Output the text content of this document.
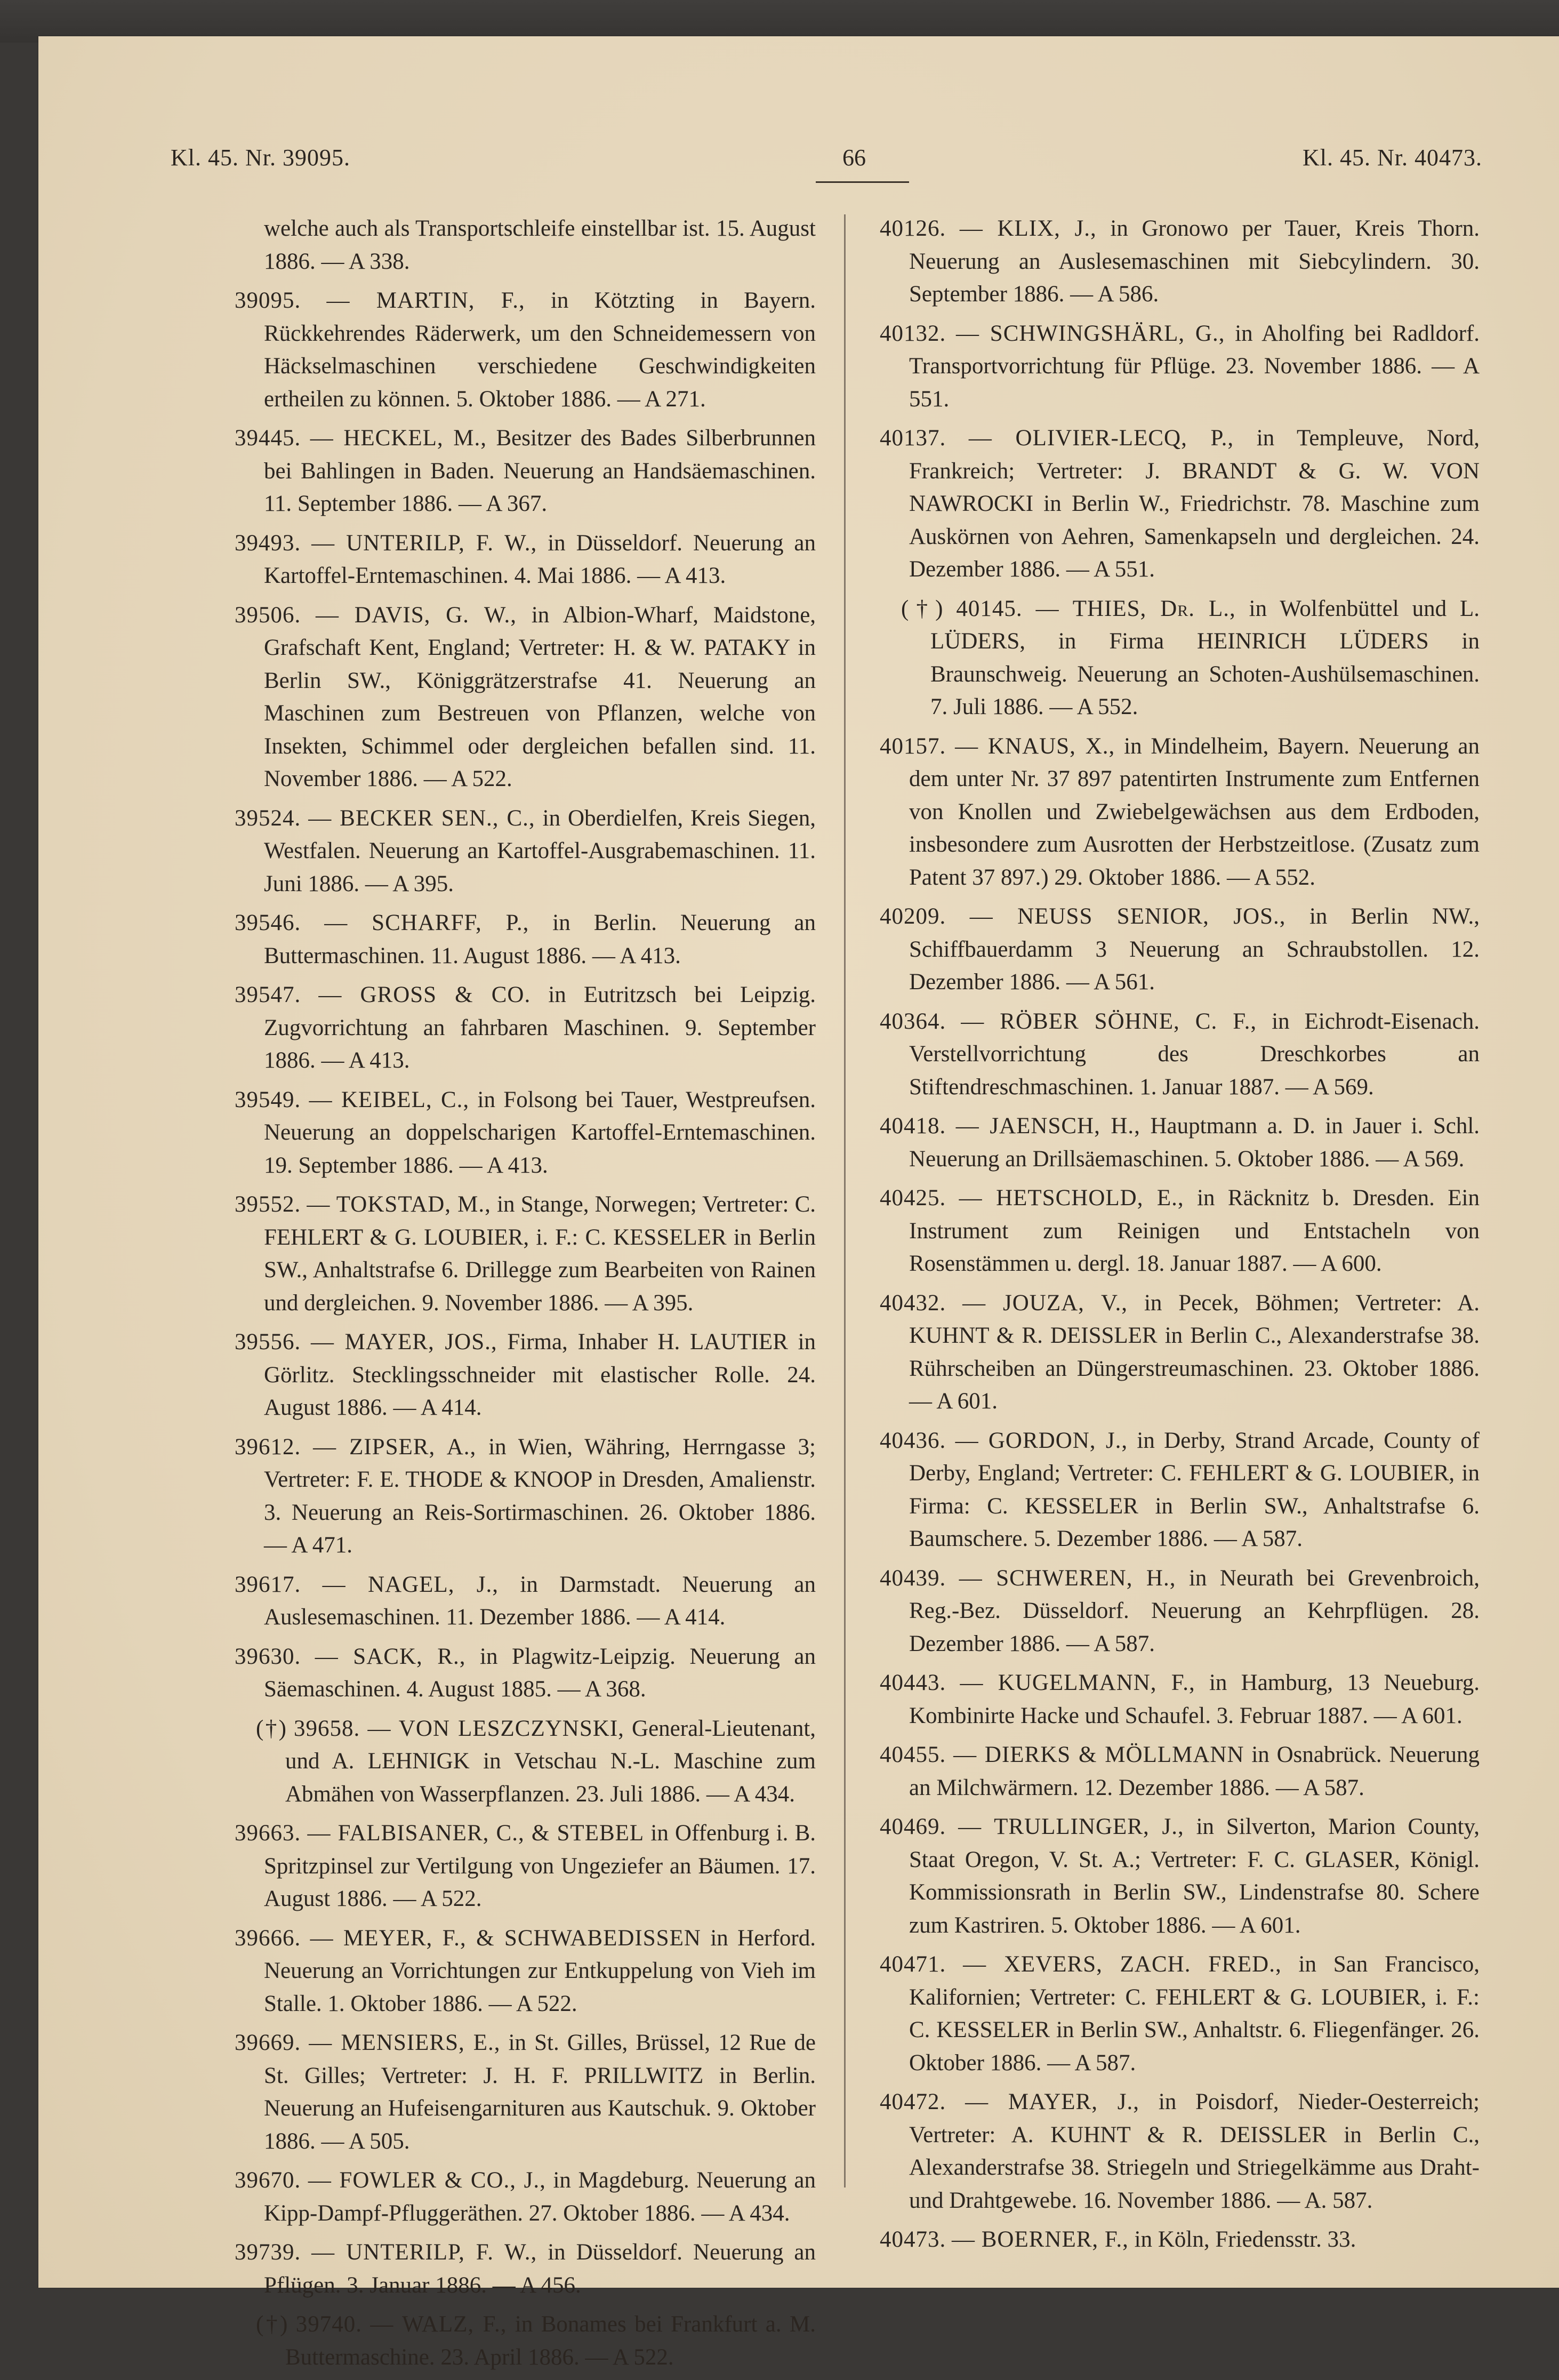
Kl. 45. Nr. 39095.	66	Kl. 45. Nr. 40473.

welche auch als Transportschleife einstellbar ist. 15. August 1886. — A 338.

39095. — MARTIN, F., in Kötzting in Bayern. Rückkehrendes Räderwerk, um den Schneidemessern von Häckselmaschinen verschiedene Geschwindigkeiten ertheilen zu können. 5. Oktober 1886. — A 271.

39445. — HECKEL, M., Besitzer des Bades Silberbrunnen bei Bahlingen in Baden. Neuerung an Handsäemaschinen. 11. September 1886. — A 367.

39493. — UNTERILP, F. W., in Düsseldorf. Neuerung an Kartoffel-Erntemaschinen. 4. Mai 1886. — A 413.

39506. — DAVIS, G. W., in Albion-Wharf, Maidstone, Grafschaft Kent, England; Vertreter: H. & W. PATAKY in Berlin SW., Königgrätzerstrafse 41. Neuerung an Maschinen zum Bestreuen von Pflanzen, welche von Insekten, Schimmel oder dergleichen befallen sind. 11. November 1886. — A 522.

39524. — BECKER SEN., C., in Oberdielfen, Kreis Siegen, Westfalen. Neuerung an Kartoffel-Ausgrabemaschinen. 11. Juni 1886. — A 395.

39546. — SCHARFF, P., in Berlin. Neuerung an Buttermaschinen. 11. August 1886. — A 413.

39547. — GROSS & CO. in Eutritzsch bei Leipzig. Zugvorrichtung an fahrbaren Maschinen. 9. September 1886. — A 413.

39549. — KEIBEL, C., in Folsong bei Tauer, Westpreufsen. Neuerung an doppelscharigen Kartoffel-Erntemaschinen. 19. September 1886. — A 413.

39552. — TOKSTAD, M., in Stange, Norwegen; Vertreter: C. FEHLERT & G. LOUBIER, i. F.: C. KESSELER in Berlin SW., Anhaltstrafse 6. Drillegge zum Bearbeiten von Rainen und dergleichen. 9. November 1886. — A 395.

39556. — MAYER, JOS., Firma, Inhaber H. LAUTIER in Görlitz. Stecklingsschneider mit elastischer Rolle. 24. August 1886. — A 414.

39612. — ZIPSER, A., in Wien, Währing, Herrngasse 3; Vertreter: F. E. THODE & KNOOP in Dresden, Amalienstr. 3. Neuerung an Reis-Sortirmaschinen. 26. Oktober 1886. — A 471.

39617. — NAGEL, J., in Darmstadt. Neuerung an Auslesemaschinen. 11. Dezember 1886. — A 414.

39630. — SACK, R., in Plagwitz-Leipzig. Neuerung an Säemaschinen. 4. August 1885. — A 368.

(†) 39658. — VON LESZCZYNSKI, General-Lieutenant, und A. LEHNIGK in Vetschau N.-L. Maschine zum Abmähen von Wasserpflanzen. 23. Juli 1886. — A 434.

39663. — FALBISANER, C., & STEBEL in Offenburg i. B. Spritzpinsel zur Vertilgung von Ungeziefer an Bäumen. 17. August 1886. — A 522.

39666. — MEYER, F., & SCHWABEDISSEN in Herford. Neuerung an Vorrichtungen zur Entkuppelung von Vieh im Stalle. 1. Oktober 1886. — A 522.

39669. — MENSIERS, E., in St. Gilles, Brüssel, 12 Rue de St. Gilles; Vertreter: J. H. F. PRILLWITZ in Berlin. Neuerung an Hufeisengarnituren aus Kautschuk. 9. Oktober 1886. — A 505.

39670. — FOWLER & CO., J., in Magdeburg. Neuerung an Kipp-Dampf-Pfluggeräthen. 27. Oktober 1886. — A 434.

39739. — UNTERILP, F. W., in Düsseldorf. Neuerung an Pflügen. 3. Januar 1886. — A 456.

(†) 39740. — WALZ, F., in Bonames bei Frankfurt a. M. Buttermaschine. 23. April 1886. — A 522.

40126. — KLIX, J., in Gronowo per Tauer, Kreis Thorn. Neuerung an Auslesemaschinen mit Siebcylindern. 30. September 1886. — A 586.

40132. — SCHWINGSHÄRL, G., in Aholfing bei Radldorf. Transportvorrichtung für Pflüge. 23. November 1886. — A 551.

40137. — OLIVIER-LECQ, P., in Templeuve, Nord, Frankreich; Vertreter: J. BRANDT & G. W. VON NAWROCKI in Berlin W., Friedrichstr. 78. Maschine zum Auskörnen von Aehren, Samenkapseln und dergleichen. 24. Dezember 1886. — A 551.

(†) 40145. — THIES, Dr. L., in Wolfenbüttel und L. LÜDERS, in Firma HEINRICH LÜDERS in Braunschweig. Neuerung an Schoten-Aushülsemaschinen. 7. Juli 1886. — A 552.

40157. — KNAUS, X., in Mindelheim, Bayern. Neuerung an dem unter Nr. 37 897 patentirten Instrumente zum Entfernen von Knollen und Zwiebelgewächsen aus dem Erdboden, insbesondere zum Ausrotten der Herbstzeitlose. (Zusatz zum Patent 37 897.) 29. Oktober 1886. — A 552.

40209. — NEUSS SENIOR, JOS., in Berlin NW., Schiffbauerdamm 3 Neuerung an Schraubstollen. 12. Dezember 1886. — A 561.

40364. — RÖBER SÖHNE, C. F., in Eichrodt-Eisenach. Verstellvorrichtung des Dreschkorbes an Stiftendreschmaschinen. 1. Januar 1887. — A 569.

40418. — JAENSCH, H., Hauptmann a. D. in Jauer i. Schl. Neuerung an Drillsäemaschinen. 5. Oktober 1886. — A 569.

40425. — HETSCHOLD, E., in Räcknitz b. Dresden. Ein Instrument zum Reinigen und Entstacheln von Rosenstämmen u. dergl. 18. Januar 1887. — A 600.

40432. — JOUZA, V., in Pecek, Böhmen; Vertreter: A. KUHNT & R. DEISSLER in Berlin C., Alexanderstrafse 38. Rührscheiben an Düngerstreumaschinen. 23. Oktober 1886. — A 601.

40436. — GORDON, J., in Derby, Strand Arcade, County of Derby, England; Vertreter: C. FEHLERT & G. LOUBIER, in Firma: C. KESSELER in Berlin SW., Anhaltstrafse 6. Baumschere. 5. Dezember 1886. — A 587.

40439. — SCHWEREN, H., in Neurath bei Grevenbroich, Reg.-Bez. Düsseldorf. Neuerung an Kehrpflügen. 28. Dezember 1886. — A 587.

40443. — KUGELMANN, F., in Hamburg, 13 Neueburg. Kombinirte Hacke und Schaufel. 3. Februar 1887. — A 601.

40455. — DIERKS & MÖLLMANN in Osnabrück. Neuerung an Milchwärmern. 12. Dezember 1886. — A 587.

40469. — TRULLINGER, J., in Silverton, Marion County, Staat Oregon, V. St. A.; Vertreter: F. C. GLASER, Königl. Kommissionsrath in Berlin SW., Lindenstrafse 80. Schere zum Kastriren. 5. Oktober 1886. — A 601.

40471. — XEVERS, ZACH. FRED., in San Francisco, Kalifornien; Vertreter: C. FEHLERT & G. LOUBIER, i. F.: C. KESSELER in Berlin SW., Anhaltstr. 6. Fliegenfänger. 26. Oktober 1886. — A 587.

40472. — MAYER, J., in Poisdorf, Nieder-Oesterreich; Vertreter: A. KUHNT & R. DEISSLER in Berlin C., Alexanderstrafse 38. Striegeln und Striegelkämme aus Draht- und Drahtgewebe. 16. November 1886. — A. 587.

40473. — BOERNER, F., in Köln, Friedensstr. 33.
